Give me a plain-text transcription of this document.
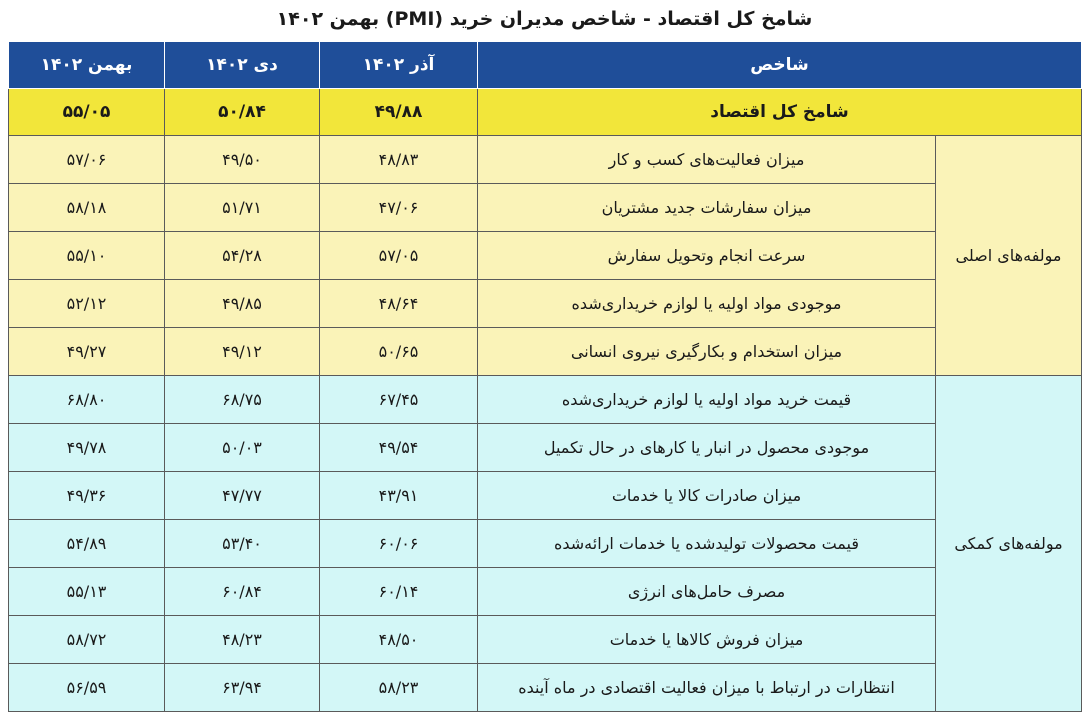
شامخ کل اقتصاد - شاخص مدیران خرید (PMI) بهمن ۱۴۰۲
شاخص		آذر ۱۴۰۲	دی ۱۴۰۲	بهمن ۱۴۰۲
شامخ کل اقتصاد		۴۹/۸۸	۵۰/۸۴	۵۵/۰۵
مولفه‌های اصلی	میزان فعالیت‌های کسب و کار	۴۸/۸۳	۴۹/۵۰	۵۷/۰۶
	میزان سفارشات جدید مشتریان	۴۷/۰۶	۵۱/۷۱	۵۸/۱۸
	سرعت انجام وتحویل سفارش	۵۷/۰۵	۵۴/۲۸	۵۵/۱۰
	موجودی مواد اولیه یا لوازم خریداری‌شده	۴۸/۶۴	۴۹/۸۵	۵۲/۱۲
	میزان استخدام و بکارگیری نیروی انسانی	۵۰/۶۵	۴۹/۱۲	۴۹/۲۷
مولفه‌های کمکی	قیمت خرید مواد اولیه یا لوازم خریداری‌شده	۶۷/۴۵	۶۸/۷۵	۶۸/۸۰
	موجودی محصول در انبار یا کارهای در حال تکمیل	۴۹/۵۴	۵۰/۰۳	۴۹/۷۸
	میزان صادرات کالا یا خدمات	۴۳/۹۱	۴۷/۷۷	۴۹/۳۶
	قیمت محصولات تولیدشده یا خدمات ارائه‌شده	۶۰/۰۶	۵۳/۴۰	۵۴/۸۹
	مصرف حامل‌های انرژی	۶۰/۱۴	۶۰/۸۴	۵۵/۱۳
	میزان فروش کالاها یا خدمات	۴۸/۵۰	۴۸/۲۳	۵۸/۷۲
	انتظارات در ارتباط با میزان فعالیت اقتصادی در ماه آینده	۵۸/۲۳	۶۳/۹۴	۵۶/۵۹
